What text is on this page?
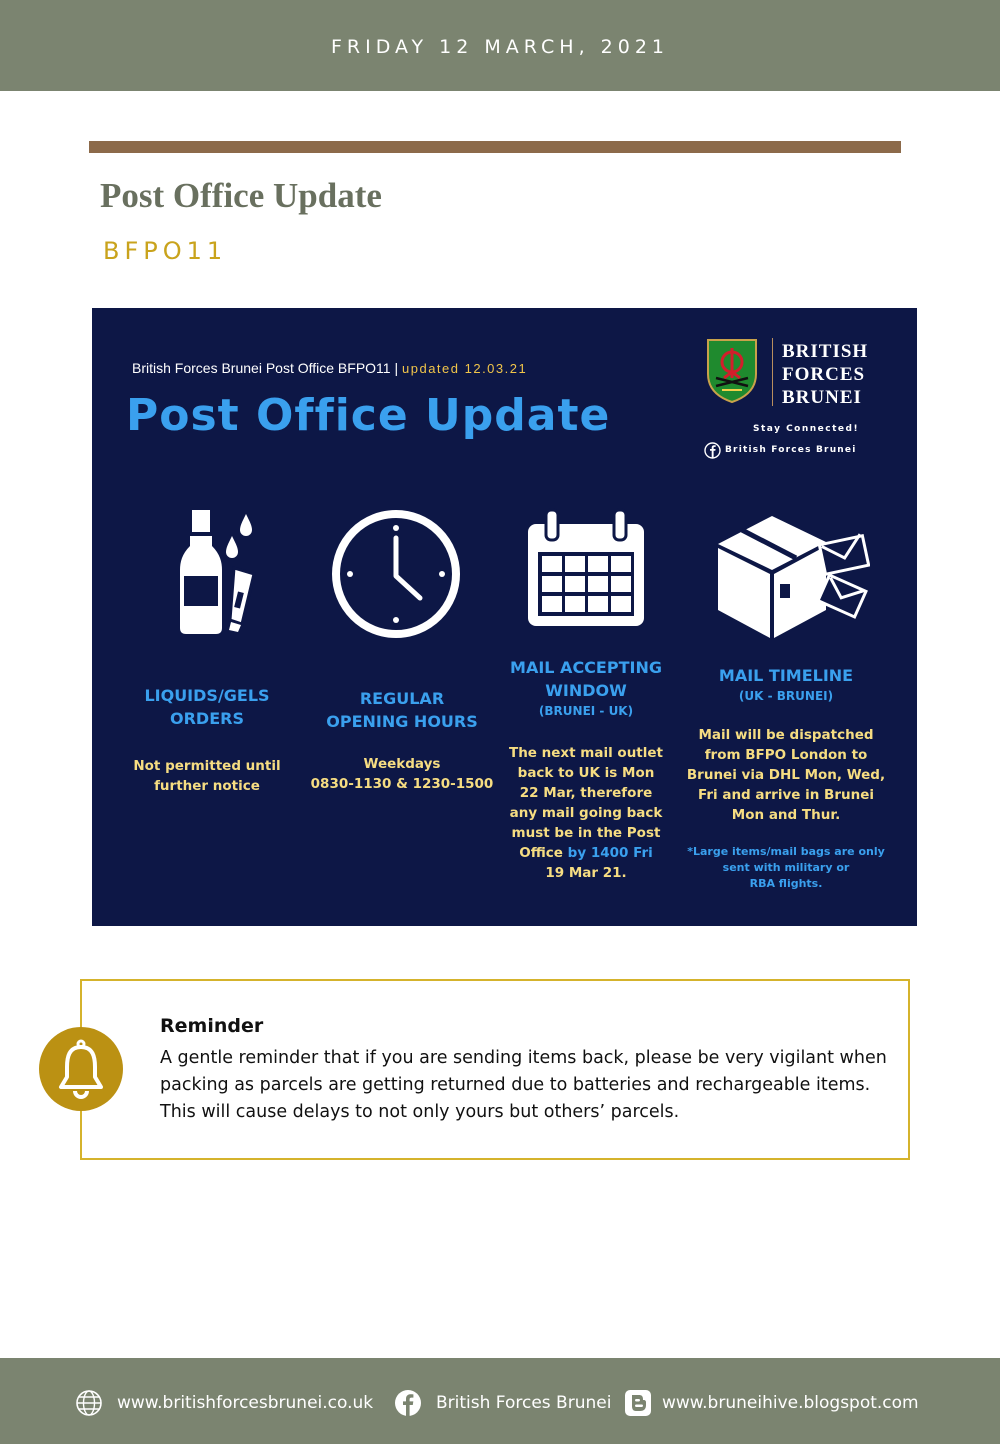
FRIDAY 12 MARCH, 2021
Post Office Update
BFPO11
British Forces Brunei Post Office BFPO11 | updated 12.03.21
Post Office Update
BRITISH
FORCES
BRUNEI
Stay Connected!
British Forces Brunei
LIQUIDS/GELS
ORDERS
Not permitted until
further notice
REGULAR
OPENING HOURS
Weekdays
0830-1130 & 1230-1500
MAIL ACCEPTING
WINDOW
(BRUNEI - UK)
The next mail outlet
back to UK is Mon
22 Mar, therefore
any mail going back
must be in the Post
Office by 1400 Fri
19 Mar 21.
MAIL TIMELINE
(UK - BRUNEI)
Mail will be dispatched
from BFPO London to
Brunei via DHL Mon, Wed,
Fri and arrive in Brunei
Mon and Thur.
*Large items/mail bags are only
sent with military or
RBA flights.
Reminder
A gentle reminder that if you are sending items back, please be very vigilant when packing as parcels are getting returned due to batteries and rechargeable items. This will cause delays to not only yours but others’ parcels.
www.britishforcesbrunei.co.uk	British Forces Brunei	www.bruneihive.blogspot.com
